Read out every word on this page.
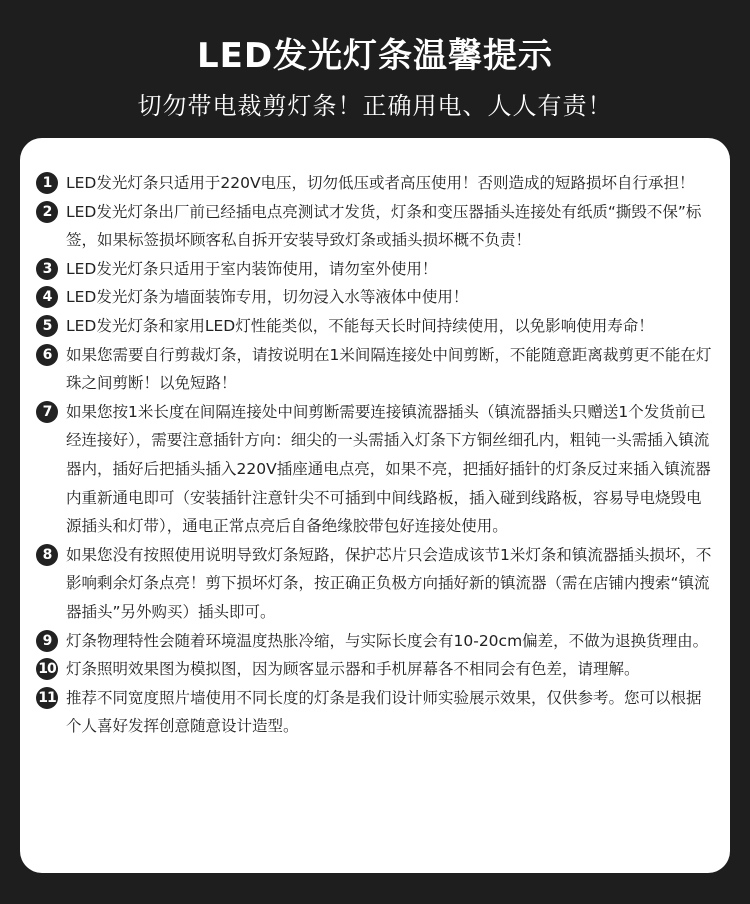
LED发光灯条温馨提示
切勿带电裁剪灯条！正确用电、人人有责！
1 LED发光灯条只适用于220V电压，切勿低压或者高压使用！否则造成的短路损坏自行承担！
2 LED发光灯条出厂前已经插电点亮测试才发货，灯条和变压器插头连接处有纸质“撕毁不保”标签，如果标签损坏顾客私自拆开安装导致灯条或插头损坏概不负责！
3 LED发光灯条只适用于室内装饰使用，请勿室外使用！
4 LED发光灯条为墙面装饰专用，切勿浸入水等液体中使用！
5 LED发光灯条和家用LED灯性能类似，不能每天长时间持续使用，以免影响使用寿命！
6 如果您需要自行剪裁灯条，请按说明在1米间隔连接处中间剪断，不能随意距离裁剪更不能在灯珠之间剪断！以免短路！
7 如果您按1米长度在间隔连接处中间剪断需要连接镇流器插头（镇流器插头只赠送1个发货前已经连接好），需要注意插针方向：细尖的一头需插入灯条下方铜丝细孔内，粗钝一头需插入镇流器内，插好后把插头插入220V插座通电点亮，如果不亮，把插好插针的灯条反过来插入镇流器内重新通电即可（安装插针注意针尖不可插到中间线路板，插入碰到线路板，容易导电烧毁电源插头和灯带），通电正常点亮后自备绝缘胶带包好连接处使用。
8 如果您没有按照使用说明导致灯条短路，保护芯片只会造成该节1米灯条和镇流器插头损坏，不影响剩余灯条点亮！剪下损坏灯条，按正确正负极方向插好新的镇流器（需在店铺内搜索“镇流器插头”另外购买）插头即可。
9 灯条物理特性会随着环境温度热胀冷缩，与实际长度会有10-20cm偏差，不做为退换货理由。
10 灯条照明效果图为模拟图，因为顾客显示器和手机屏幕各不相同会有色差，请理解。
11 推荐不同宽度照片墙使用不同长度的灯条是我们设计师实验展示效果，仅供参考。您可以根据个人喜好发挥创意随意设计造型。
